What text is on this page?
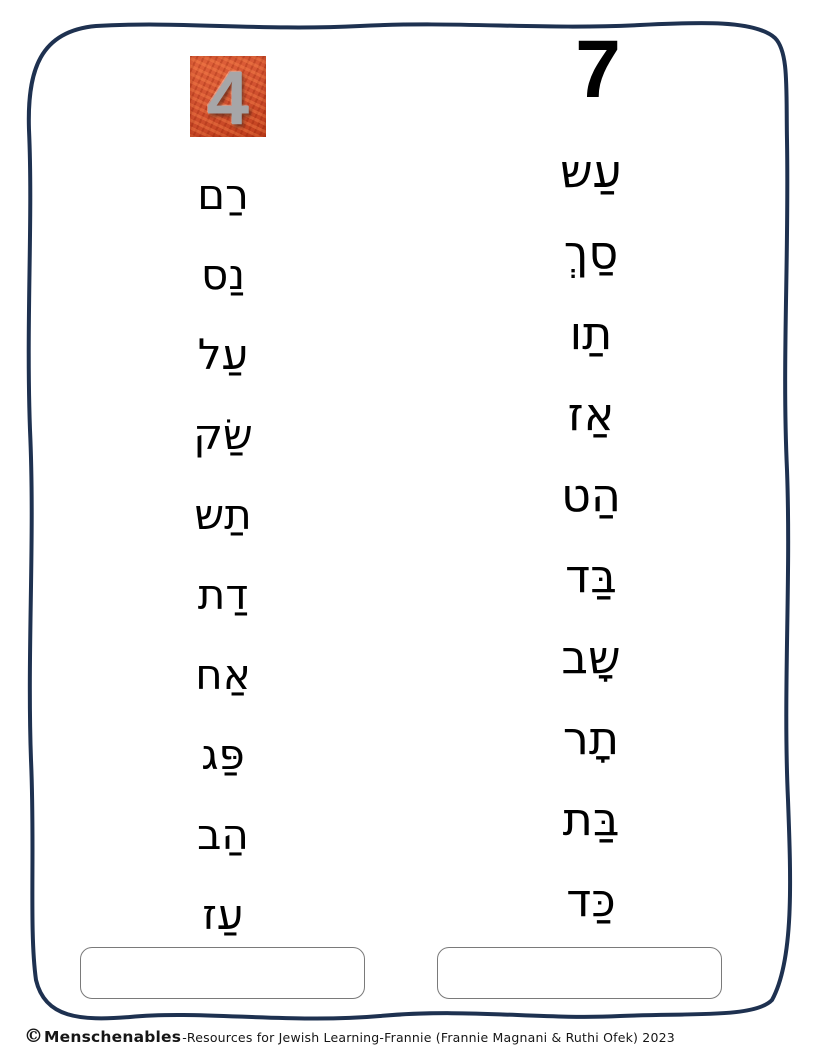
4	7
רַם
נַס
עַל
שַׂק
תַש
דַת
אַח
פַּג
הַב
עַז
עַש
סַךְ
תַו
אַז
הַט
בַּד
שָב
תָר
בַּת
כַּד
© Menschenables -Resources for Jewish Learning-Frannie (Frannie Magnani & Ruthi Ofek) 2023
